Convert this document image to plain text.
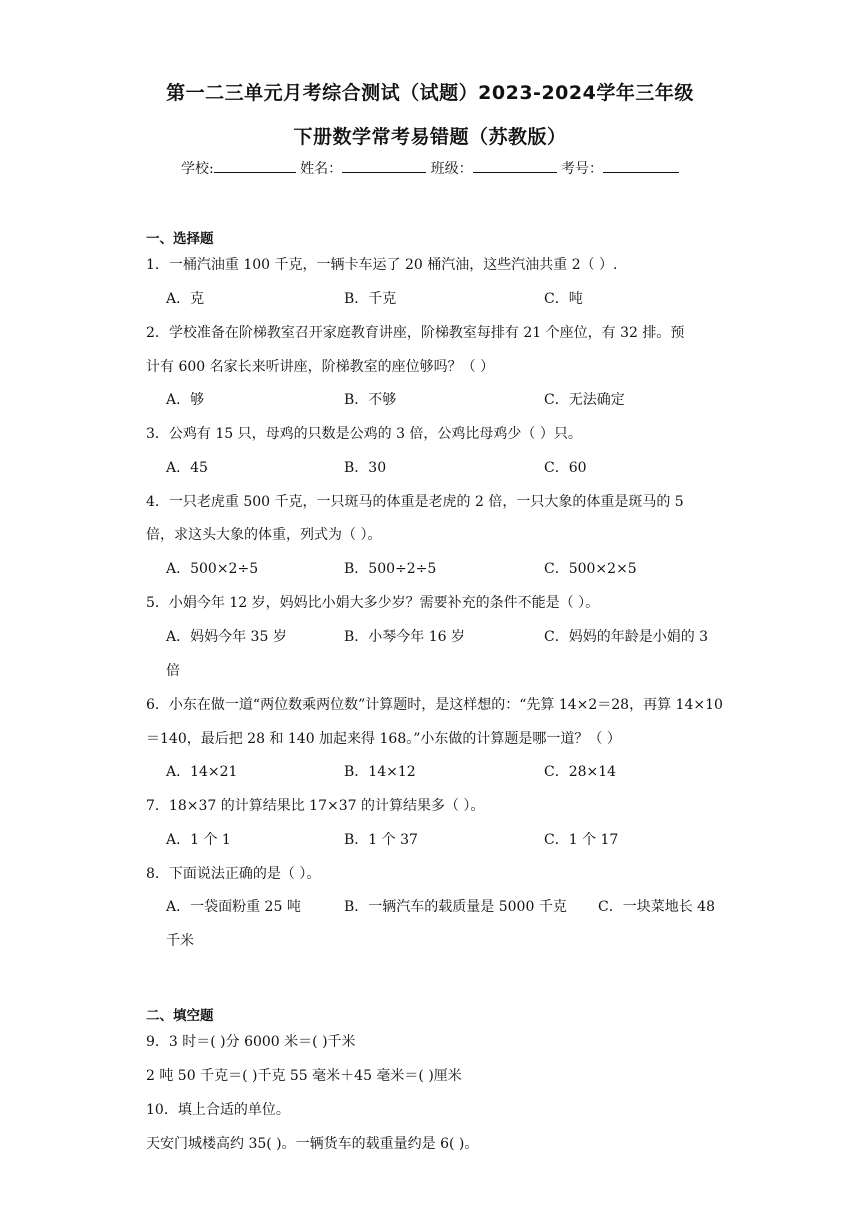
第一二三单元月考综合测试（试题）2023-2024学年三年级
下册数学常考易错题（苏教版）
学校:	姓名：	班级：	考号：
一、选择题
1．一桶汽油重 100 千克，一辆卡车运了 20 桶汽油，这些汽油共重 2（ ）.
A．克	B．千克	C．吨
2．学校准备在阶梯教室召开家庭教育讲座，阶梯教室每排有 21 个座位，有 32 排。预
计有 600 名家长来听讲座，阶梯教室的座位够吗？（ ）
A．够	B．不够	C．无法确定
3．公鸡有 15 只，母鸡的只数是公鸡的 3 倍，公鸡比母鸡少（ ）只。
A．45	B．30	C．60
4．一只老虎重 500 千克，一只斑马的体重是老虎的 2 倍，一只大象的体重是斑马的 5
倍，求这头大象的体重，列式为（ ）。
A．500×2÷5	B．500÷2÷5	C．500×2×5
5．小娟今年 12 岁，妈妈比小娟大多少岁？需要补充的条件不能是（ ）。
A．妈妈今年 35 岁	B．小琴今年 16 岁	C．妈妈的年龄是小娟的 3
倍
6．小东在做一道“两位数乘两位数”计算题时，是这样想的：“先算 14×2＝28，再算 14×10
＝140，最后把 28 和 140 加起来得 168。”小东做的计算题是哪一道？（ ）
A．14×21	B．14×12	C．28×14
7．18×37 的计算结果比 17×37 的计算结果多（ ）。
A．1 个 1	B．1 个 37	C．1 个 17
8．下面说法正确的是（ ）。
A．一袋面粉重 25 吨	B．一辆汽车的载质量是 5000 千克 C．一块菜地长 48
千米
二、填空题
9．3 时＝( )分 6000 米＝( )千米
2 吨 50 千克＝( )千克 55 毫米＋45 毫米＝( )厘米
10．填上合适的单位。
天安门城楼高约 35( )。一辆货车的载重量约是 6( )。
